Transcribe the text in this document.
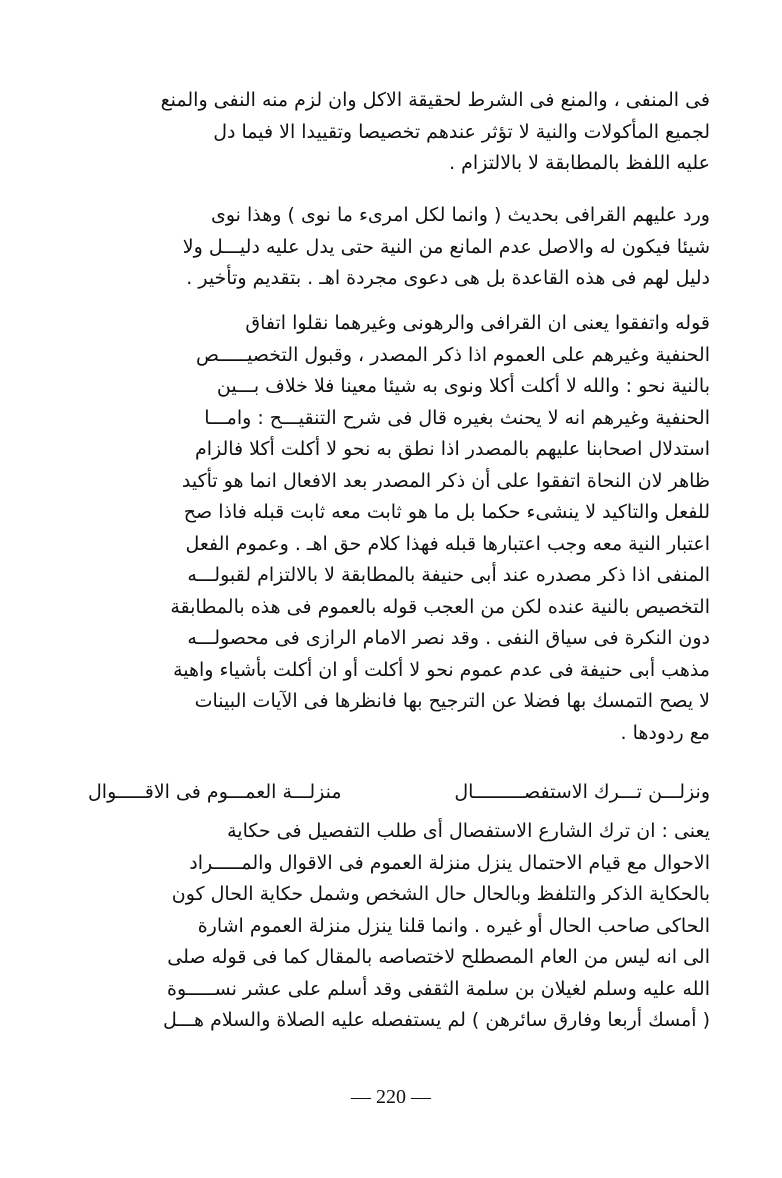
فى المنفى ، والمنع فى الشرط لحقيقة الاكل وان لزم منه النفى والمنع
لجميع المأكولات والنية لا تؤثر عندهم تخصيصا وتقييدا الا فيما دل
عليه اللفظ بالمطابقة لا بالالتزام .
ورد عليهم القرافى بحديث ( وانما لكل امرىء ما نوى ) وهذا نوى
شيئا فيكون له والاصل عدم المانع من النية حتى يدل عليه دليـــل ولا
دليل لهم فى هذه القاعدة بل هى دعوى مجردة اهـ . بتقديم وتأخير .
قوله واتفقوا يعنى ان القرافى والرهونى وغيرهما نقلوا اتفاق
الحنفية وغيرهم على العموم اذا ذكر المصدر ، وقبول التخصيـــــص
بالنية نحو : والله لا أكلت أكلا ونوى به شيئا معينا فلا خلاف بـــين
الحنفية وغيرهم انه لا يحنث بغيره قال فى شرح التنقيـــح : وامـــا
استدلال اصحابنا عليهم بالمصدر اذا نطق به نحو لا أكلت أكلا فالزام
ظاهر لان النحاة اتفقوا على أن ذكر المصدر بعد الافعال انما هو تأكيد
للفعل والتاكيد لا ينشىء حكما بل ما هو ثابت معه ثابت قبله فاذا صح
اعتبار النية معه وجب اعتبارها قبله فهذا كلام حق اهـ . وعموم الفعل
المنفى اذا ذكر مصدره عند أبى حنيفة بالمطابقة لا بالالتزام لقبولـــه
التخصيص بالنية عنده لكن من العجب قوله بالعموم فى هذه بالمطابقة
دون النكرة فى سياق النفى . وقد نصر الامام الرازى فى محصولـــه
مذهب أبى حنيفة فى عدم عموم نحو لا أكلت أو ان أكلت بأشياء واهية
لا يصح التمسك بها فضلا عن الترجيح بها فانظرها فى الآيات البينات
مع ردودها .
ونزلـــن تـــرك الاستفصـــــــــال
منزلـــة العمـــوم فى الاقـــــوال
يعنى : ان ترك الشارع الاستفصال أى طلب التفصيل فى حكاية
الاحوال مع قيام الاحتمال ينزل منزلة العموم فى الاقوال والمـــــراد
بالحكاية الذكر والتلفظ وبالحال حال الشخص وشمل حكاية الحال كون
الحاكى صاحب الحال أو غيره . وانما قلنا ينزل منزلة العموم اشارة
الى انه ليس من العام المصطلح لاختصاصه بالمقال كما فى قوله صلى
الله عليه وسلم لغيلان بن سلمة الثقفى وقد أسلم على عشر نســـــوة
( أمسك أربعا وفارق سائرهن ) لم يستفصله عليه الصلاة والسلام هـــل
— 220 —
